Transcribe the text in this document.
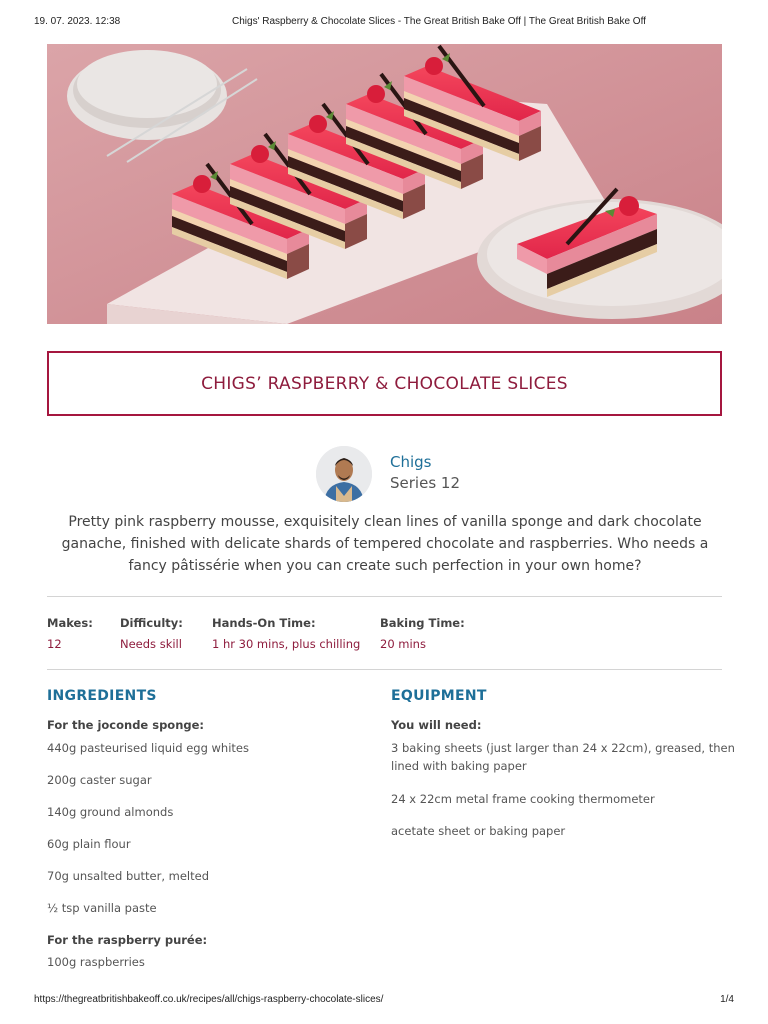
19. 07. 2023. 12:38	Chigs' Raspberry & Chocolate Slices - The Great British Bake Off | The Great British Bake Off
CHIGS’ RASPBERRY & CHOCOLATE SLICES
Chigs
Series 12

Pretty pink raspberry mousse, exquisitely clean lines of vanilla sponge and dark chocolate ganache, finished with delicate shards of tempered chocolate and raspberries. Who needs a fancy pâtissérie when you can create such perfection in your own home?

Makes:
12
Difficulty:
Needs skill
Hands-On Time:
1 hr 30 mins, plus chilling
Baking Time:
20 mins
INGREDIENTS
For the joconde sponge:
440g pasteurised liquid egg whites
200g caster sugar
140g ground almonds
60g plain flour
70g unsalted butter, melted
½ tsp vanilla paste
For the raspberry purée:
100g raspberries
EQUIPMENT
You will need:
3 baking sheets (just larger than 24 x 22cm), greased, then
lined with baking paper
24 x 22cm metal frame cooking thermometer
acetate sheet or baking paper
https://thegreatbritishbakeoff.co.uk/recipes/all/chigs-raspberry-chocolate-slices/	1/4
